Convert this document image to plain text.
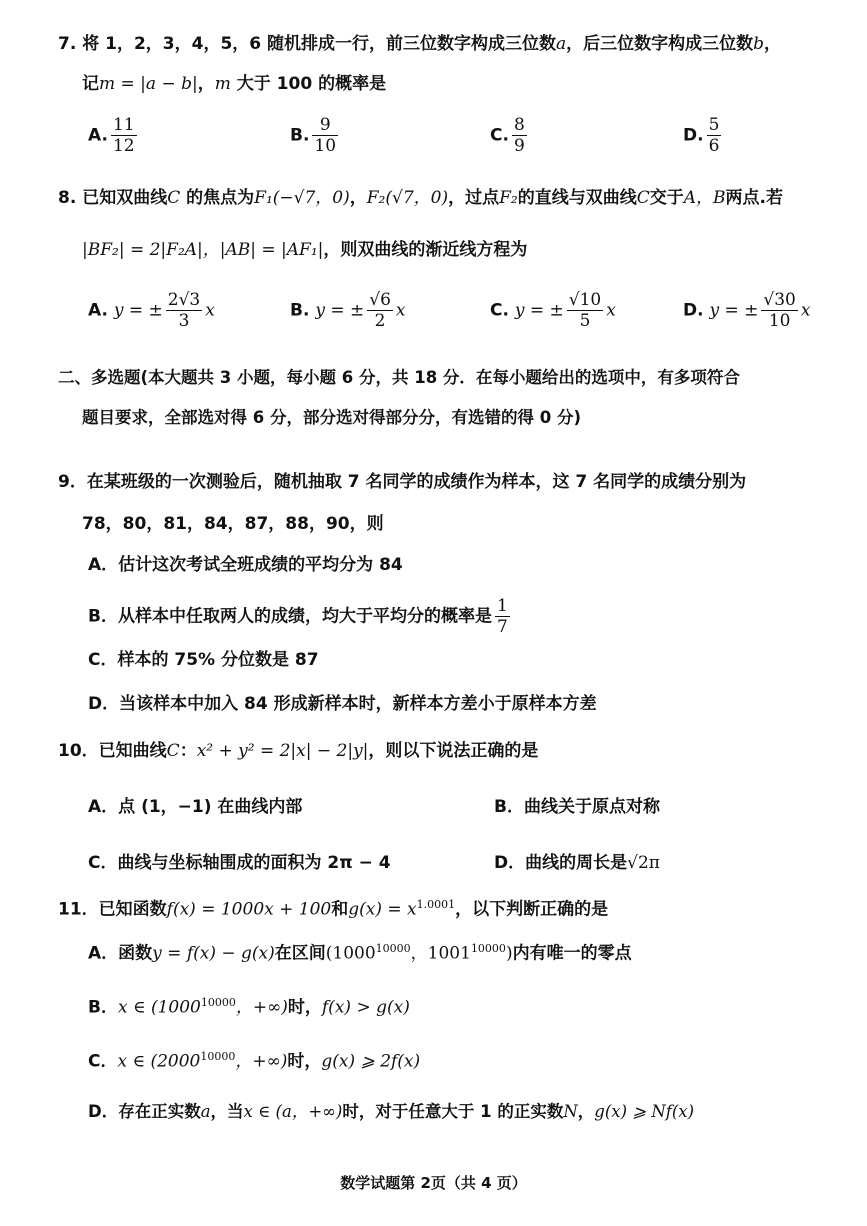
7. 将 1，2，3，4，5，6 随机排成一行，前三位数字构成三位数a，后三位数字构成三位数b，
记m = |a − b|，m 大于 100 的概率是
A. $\frac{11}{12}$	B. $\frac{9}{10}$	C. $\frac{8}{9}$	D. $\frac{5}{6}$
8. 已知双曲线C 的焦点为F₁(−√7，0)，F₂(√7，0)，过点F₂的直线与双曲线C交于A，B两点.若
|BF₂| = 2|F₂A|，|AB| = |AF₁|，则双曲线的渐近线方程为
A. y = ± $\frac{2√3}{3}$ x	B. y = ± $\frac{√6}{2}$ x	C. y = ± $\frac{√10}{5}$ x	D. y = ± $\frac{√30}{10}$ x
二、多选题(本大题共 3 小题，每小题 6 分，共 18 分．在每小题给出的选项中，有多项符合
题目要求，全部选对得 6 分，部分选对得部分分，有选错的得 0 分)
9．在某班级的一次测验后，随机抽取 7 名同学的成绩作为样本，这 7 名同学的成绩分别为
78，80，81，84，87，88，90，则
A．估计这次考试全班成绩的平均分为 84
B．从样本中任取两人的成绩，均大于平均分的概率是 $\frac{1}{7}$
C．样本的 75% 分位数是 87
D．当该样本中加入 84 形成新样本时，新样本方差小于原样本方差
10．已知曲线C：x² + y² = 2|x| − 2|y|，则以下说法正确的是
A．点 (1，−1) 在曲线内部	B．曲线关于原点对称
C．曲线与坐标轴围成的面积为 2π − 4	D．曲线的周长是√2π
11．已知函数f(x) = 1000x + 100和$g(x) = x^{1.0001}$，以下判断正确的是
A．函数y = f(x) − g(x)在区间($1000^{10000}$，$1001^{10000}$)内有唯一的零点
B．x ∈ ($1000^{10000}$，+∞)时，f(x) > g(x)
C．x ∈ ($2000^{10000}$，+∞)时，g(x) ⩾ 2f(x)
D．存在正实数a，当x ∈ (a，+∞)时，对于任意大于 1 的正实数N，g(x) ⩾ Nf(x)
数学试题第 2页（共 4 页）
